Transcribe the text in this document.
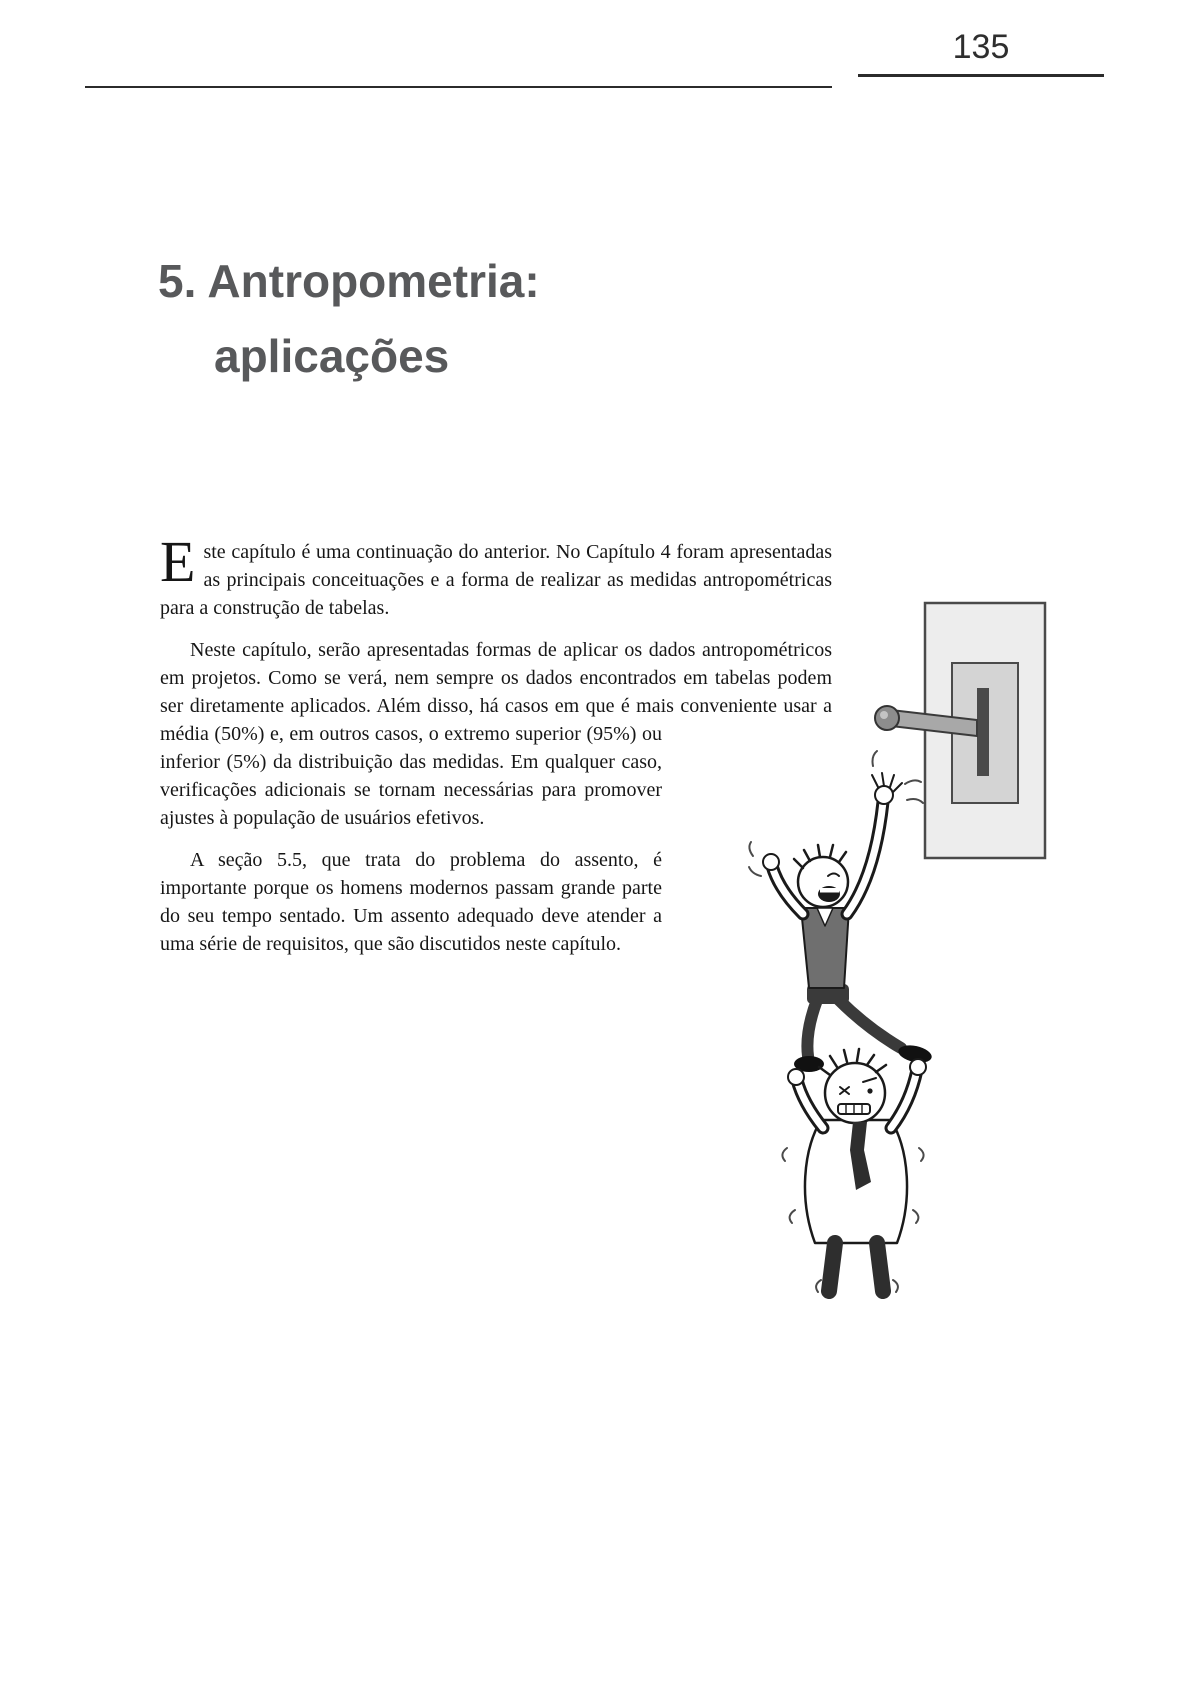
135
5. Antropometria:
aplicações

Este capítulo é uma continuação do anterior. No Capítulo 4 foram apresentadas as principais conceituações e a forma de realizar as medidas antropométricas para a construção de tabelas.

Neste capítulo, serão apresentadas formas de aplicar os dados antropométricos em projetos. Como se verá, nem sempre os dados encontrados em tabelas podem ser diretamente aplicados. Além disso, há casos em que é mais conveniente usar a média (50%) e, em outros casos, o extremo superior (95%) ou inferior (5%) da distribuição das medidas. Em qualquer caso, verificações adicionais se tornam necessárias para promover ajustes à população de usuários efetivos.

A seção 5.5, que trata do problema do assento, é importante porque os homens modernos passam grande parte do seu tempo sentado. Um assento adequado deve atender a uma série de requisitos, que são discutidos neste capítulo.
